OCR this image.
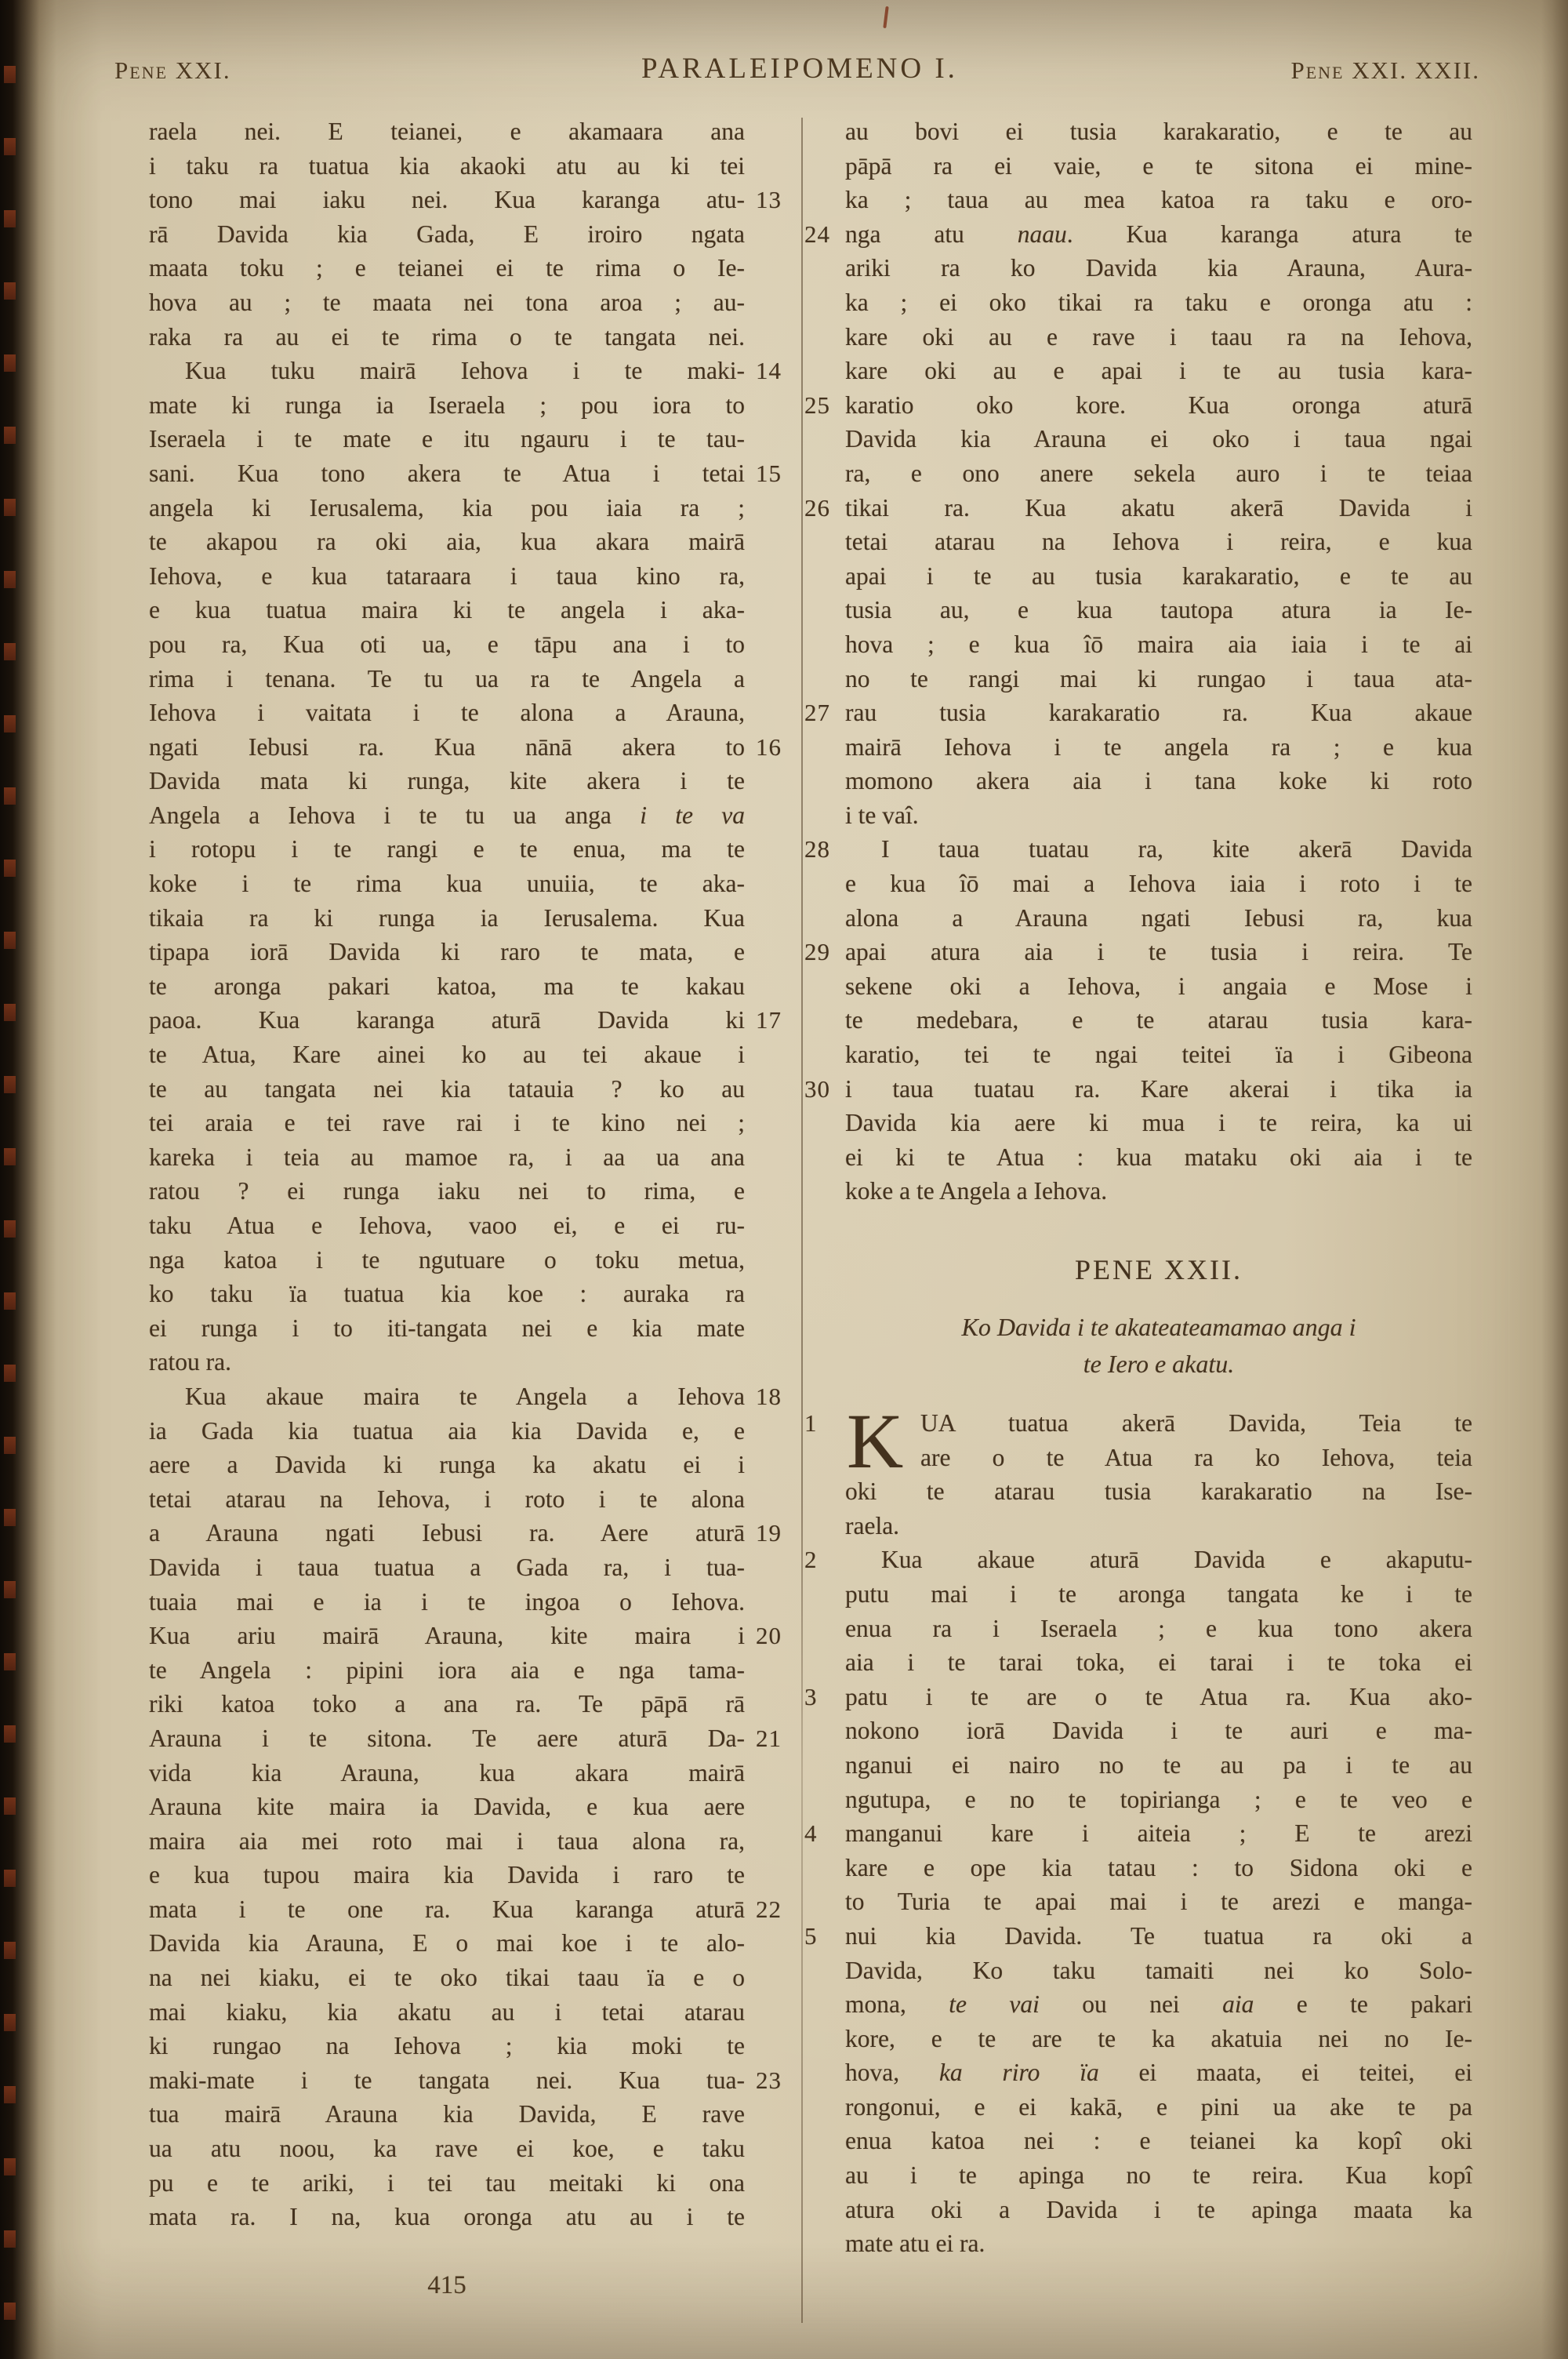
Pene XXI.	PARALEIPOMENO I.	Pene XXI. XXII.
raela nei. E teianei, e akamaara ana
i taku ra tuatua kia akaoki atu au ki tei
tono mai iaku nei. Kua karanga atu- 13
rā Davida kia Gada, E iroiro ngata
maata toku ; e teianei ei te rima o Ie-
hova au ; te maata nei tona aroa ; au-
raka ra au ei te rima o te tangata nei.
Kua tuku mairā Iehova i te maki- 14
mate ki runga ia Iseraela ; pou iora to
Iseraela i te mate e itu ngauru i te tau-
sani. Kua tono akera te Atua i tetai 15
angela ki Ierusalema, kia pou iaia ra ;
te akapou ra oki aia, kua akara mairā
Iehova, e kua tataraara i taua kino ra,
e kua tuatua maira ki te angela i aka-
pou ra, Kua oti ua, e tāpu ana i to
rima i tenana. Te tu ua ra te Angela a
Iehova i vaitata i te alona a Arauna,
ngati Iebusi ra. Kua nānā akera to 16
Davida mata ki runga, kite akera i te
Angela a Iehova i te tu ua anga i te va
i rotopu i te rangi e te enua, ma te
koke i te rima kua unuiia, te aka-
tikaia ra ki runga ia Ierusalema. Kua
tipapa iorā Davida ki raro te mata, e
te aronga pakari katoa, ma te kakau
paoa. Kua karanga aturā Davida ki 17
te Atua, Kare ainei ko au tei akaue i
te au tangata nei kia tatauia ? ko au
tei araia e tei rave rai i te kino nei ;
kareka i teia au mamoe ra, i aa ua ana
ratou ? ei runga iaku nei to rima, e
taku Atua e Iehova, vaoo ei, e ei ru-
nga katoa i te ngutuare o toku metua,
ko taku ïa tuatua kia koe : auraka ra
ei runga i to iti-tangata nei e kia mate
ratou ra.
Kua akaue maira te Angela a Iehova 18
ia Gada kia tuatua aia kia Davida e, e
aere a Davida ki runga ka akatu ei i
tetai atarau na Iehova, i roto i te alona
a Arauna ngati Iebusi ra. Aere aturā 19
Davida i taua tuatua a Gada ra, i tua-
tuaia mai e ia i te ingoa o Iehova.
Kua ariu mairā Arauna, kite maira i 20
te Angela : pipini iora aia e nga tama-
riki katoa toko a ana ra. Te pāpā rā
Arauna i te sitona. Te aere aturā Da- 21
vida kia Arauna, kua akara mairā
Arauna kite maira ia Davida, e kua aere
maira aia mei roto mai i taua alona ra,
e kua tupou maira kia Davida i raro te
mata i te one ra. Kua karanga aturā 22
Davida kia Arauna, E o mai koe i te alo-
na nei kiaku, ei te oko tikai taau ïa e o
mai kiaku, kia akatu au i tetai atarau
ki rungao na Iehova ; kia moki te
maki-mate i te tangata nei. Kua tua- 23
tua mairā Arauna kia Davida, E rave
ua atu noou, ka rave ei koe, e taku
pu e te ariki, i tei tau meitaki ki ona
mata ra. I na, kua oronga atu au i te
au bovi ei tusia karakaratio, e te au
pāpā ra ei vaie, e te sitona ei mine-
ka ; taua au mea katoa ra taku e oro-
nga atu naau. Kua karanga atura te
24
ariki ra ko Davida kia Arauna, Aura-
ka ; ei oko tikai ra taku e oronga atu :
kare oki au e rave i taau ra na Iehova,
kare oki au e apai i te au tusia kara-
karatio oko kore. Kua oronga aturā
25
Davida kia Arauna ei oko i taua ngai
ra, e ono anere sekela auro i te teiaa
tikai ra. Kua akatu akerā Davida i
26
tetai atarau na Iehova i reira, e kua
apai i te au tusia karakaratio, e te au
tusia au, e kua tautopa atura ia Ie-
hova ; e kua îō maira aia iaia i te ai
no te rangi mai ki rungao i taua ata-
rau tusia karakaratio ra. Kua akaue
27
mairā Iehova i te angela ra ; e kua
momono akera aia i tana koke ki roto
i te vaî.
I taua tuatau ra, kite akerā Davida
28
e kua îō mai a Iehova iaia i roto i te
alona a Arauna ngati Iebusi ra, kua
apai atura aia i te tusia i reira. Te
29
sekene oki a Iehova, i angaia e Mose i
te medebara, e te atarau tusia kara-
karatio, tei te ngai teitei ïa i Gibeona
i taua tuatau ra. Kare akerai i tika ia
30
Davida kia aere ki mua i te reira, ka ui
ei ki te Atua : kua mataku oki aia i te
koke a te Angela a Iehova.
PENE XXII.
Ko Davida i te akateateamamao anga i
te Iero e akatu.
K UA tuatua akerā Davida, Teia te
1
are o te Atua ra ko Iehova, teia
oki te atarau tusia karakaratio na Ise-
raela.
Kua akaue aturā Davida e akaputu-
2
putu mai i te aronga tangata ke i te
enua ra i Iseraela ; e kua tono akera
aia i te tarai toka, ei tarai i te toka ei
patu i te are o te Atua ra. Kua ako-
3
nokono iorā Davida i te auri e ma-
nganui ei nairo no te au pa i te au
ngutupa, e no te topirianga ; e te veo e
manganui kare i aiteia ; E te arezi
4
kare e ope kia tatau : to Sidona oki e
to Turia te apai mai i te arezi e manga-
nui kia Davida. Te tuatua ra oki a
5
Davida, Ko taku tamaiti nei ko Solo-
mona, te vai ou nei aia e te pakari
kore, e te are te ka akatuia nei no Ie-
hova, ka riro ïa ei maata, ei teitei, ei
rongonui, e ei kakā, e pini ua ake te pa
enua katoa nei : e teianei ka kopî oki
au i te apinga no te reira. Kua kopî
atura oki a Davida i te apinga maata ka
mate atu ei ra.
415
